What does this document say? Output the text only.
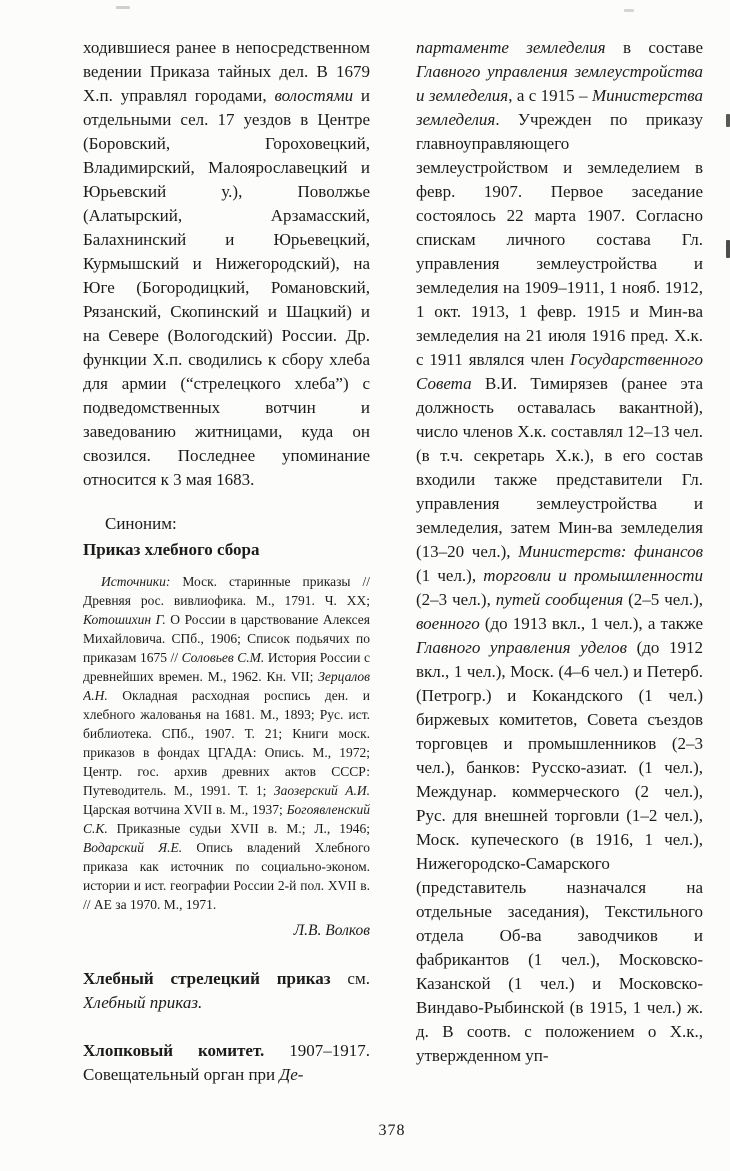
ходившиеся ранее в непосредственном ведении Приказа тайных дел. В 1679 Х.п. управлял городами, волостями и отдельными сел. 17 уездов в Центре (Боровский, Гороховецкий, Владимирский, Малоярославецкий и Юрьевский у.), Поволжье (Алатырский, Арзамасский, Балахнинский и Юрьевецкий, Курмышский и Нижегородский), на Юге (Богородицкий, Романовский, Рязанский, Скопинский и Шацкий) и на Севере (Вологодский) России. Др. функции Х.п. сводились к сбору хлеба для армии (“стрелецкого хлеба”) с подведомственных вотчин и заведованию житницами, куда он свозился. Последнее упоминание относится к 3 мая 1683.

Синоним:

Приказ хлебного сбора

Источники: Моск. старинные приказы // Древняя рос. вивлиофика. М., 1791. Ч. XX; Котошихин Г. О России в царствование Алексея Михайловича. СПб., 1906; Список подьячих по приказам 1675 // Соловьев С.М. История России с древнейших времен. М., 1962. Кн. VII; Зерцалов А.Н. Окладная расходная роспись ден. и хлебного жалованья на 1681. М., 1893; Рус. ист. библиотека. СПб., 1907. Т. 21; Книги моск. приказов в фондах ЦГАДА: Опись. М., 1972; Центр. гос. архив древних актов СССР: Путеводитель. М., 1991. Т. 1; Заозерский А.И. Царская вотчина XVII в. М., 1937; Богоявленский С.К. Приказные судьи XVII в. М.; Л., 1946; Водарский Я.Е. Опись владений Хлебного приказа как источник по социально-эконом. истории и ист. географии России 2-й пол. XVII в. // АЕ за 1970. М., 1971.

Л.В. Волков

Хлебный стрелецкий приказ см. Хлебный приказ.

Хлопковый комитет. 1907–1917. Совещательный орган при Де-

партаменте земледелия в составе Главного управления землеустройства и земледелия, а с 1915 – Министерства земледелия. Учрежден по приказу главноуправляющего землеустройством и земледелием в февр. 1907. Первое заседание состоялось 22 марта 1907. Согласно спискам личного состава Гл. управления землеустройства и земледелия на 1909–1911, 1 нояб. 1912, 1 окт. 1913, 1 февр. 1915 и Мин-ва земледелия на 21 июля 1916 пред. Х.к. с 1911 являлся член Государственного Совета В.И. Тимирязев (ранее эта должность оставалась вакантной), число членов Х.к. составлял 12–13 чел. (в т.ч. секретарь Х.к.), в его состав входили также представители Гл. управления землеустройства и земледелия, затем Мин-ва земледелия (13–20 чел.), Министерств: финансов (1 чел.), торговли и промышленности (2–3 чел.), путей сообщения (2–5 чел.), военного (до 1913 вкл., 1 чел.), а также Главного управления уделов (до 1912 вкл., 1 чел.), Моск. (4–6 чел.) и Петерб. (Петрогр.) и Кокандского (1 чел.) биржевых комитетов, Совета съездов торговцев и промышленников (2–3 чел.), банков: Русско-азиат. (1 чел.), Междунар. коммерческого (2 чел.), Рус. для внешней торговли (1–2 чел.), Моск. купеческого (в 1916, 1 чел.), Нижегородско-Самарского (представитель назначался на отдельные заседания), Текстильного отдела Об-ва заводчиков и фабрикантов (1 чел.), Московско-Казанской (1 чел.) и Московско-Виндаво-Рыбинской (в 1915, 1 чел.) ж. д. В соотв. с положением о Х.к., утвержденном уп-

378
